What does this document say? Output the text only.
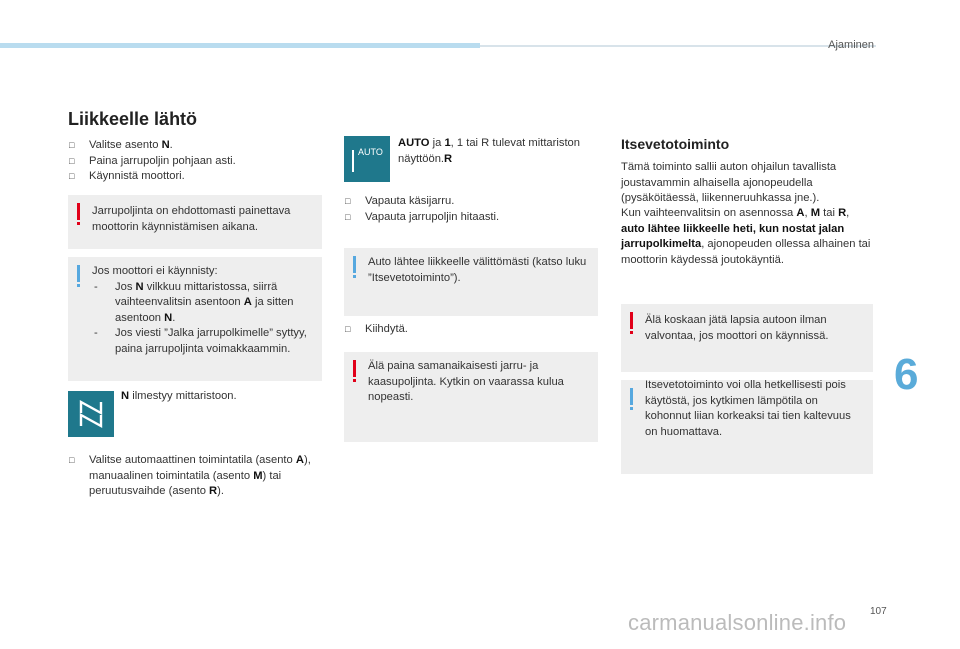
Ajaminen
Liikkeelle lähtö
□ Valitse asento N.
□ Paina jarrupoljin pohjaan asti.
□ Käynnistä moottori.
Jarrupoljinta on ehdottomasti painettava moottorin käynnistämisen aikana.
Jos moottori ei käynnisty:
- Jos N vilkkuu mittaristossa, siirrä vaihteenvalitsin asentoon A ja sitten asentoon N.
- Jos viesti ”Jalka jarrupolkimelle” syttyy, paina jarrupoljinta voimakkaammin.
N ilmestyy mittaristoon.
□ Valitse automaattinen toimintatila (asento A), manuaalinen toimintatila (asento M) tai peruutusvaihde (asento R).
AUTO
AUTO ja 1, 1 tai R tulevat mittariston näyttöön.R
□ Vapauta käsijarru.
□ Vapauta jarrupoljin hitaasti.
Auto lähtee liikkeelle välittömästi (katso luku ”Itsevetotoiminto”).
□ Kiihdytä.
Älä paina samanaikaisesti jarru- ja kaasupoljinta. Kytkin on vaarassa kulua nopeasti.
Itsevetotoiminto
Tämä toiminto sallii auton ohjailun tavallista joustavammin alhaisella ajonopeudella (pysäköitäessä, liikenneruuhkassa jne.).
Kun vaihteenvalitsin on asennossa A, M tai R, auto lähtee liikkeelle heti, kun nostat jalan jarrupolkimelta, ajonopeuden ollessa alhainen tai moottorin käydessä joutokäyntiä.
Älä koskaan jätä lapsia autoon ilman valvontaa, jos moottori on käynnissä.
Itsevetotoiminto voi olla hetkellisesti pois käytöstä, jos kytkimen lämpötila on kohonnut liian korkeaksi tai tien kaltevuus on huomattava.
6
107
carmanualsonline.info
